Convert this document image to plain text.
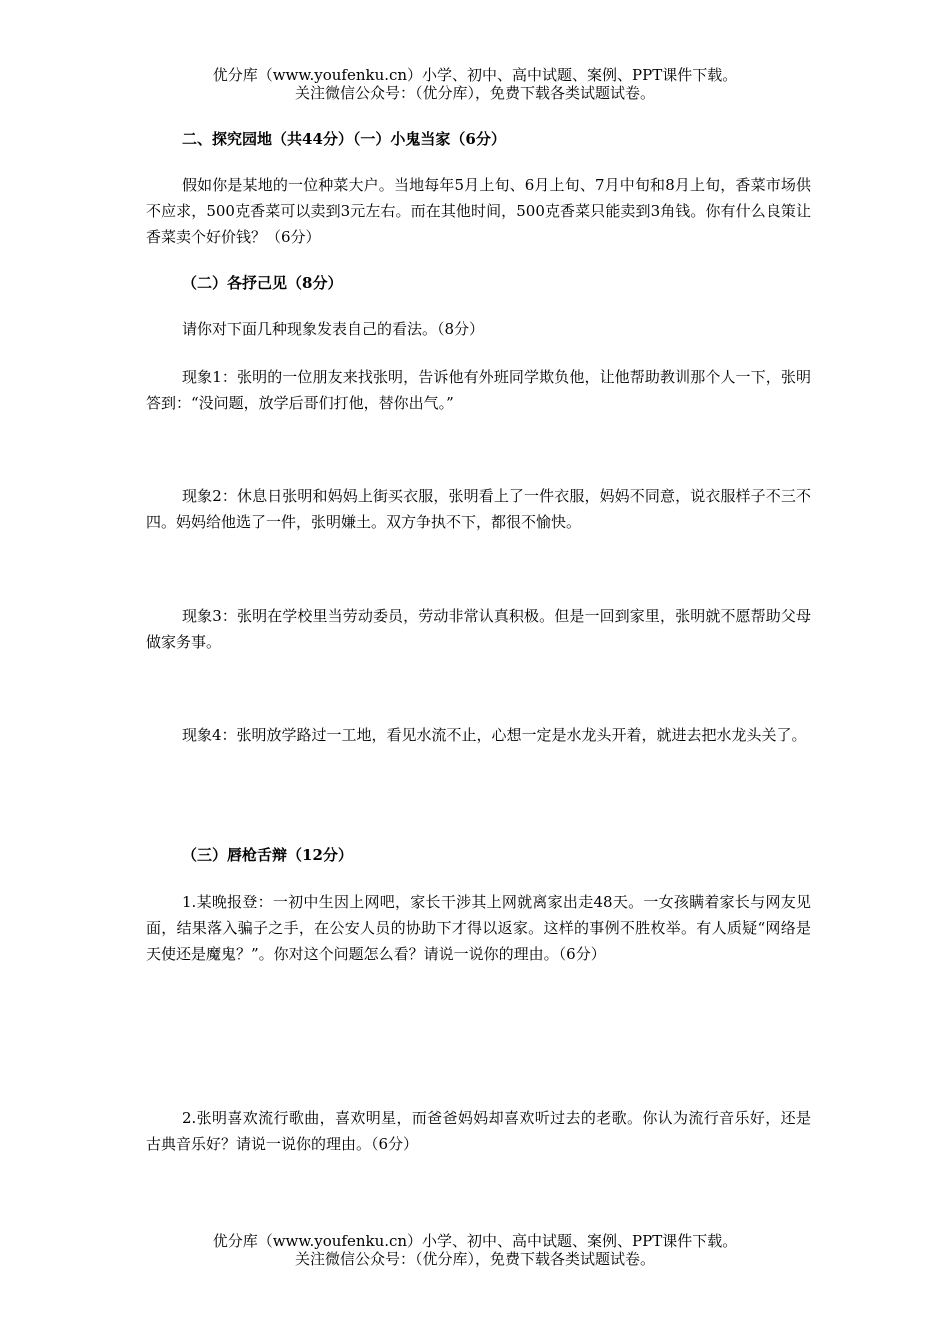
优分库（www.youfenku.cn）小学、初中、高中试题、案例、PPT课件下载。
关注微信公众号：（优分库），免费下载各类试题试卷。

二、探究园地（共44分）（一）小鬼当家（6分）

假如你是某地的一位种菜大户。当地每年5月上旬、6月上旬、7月中旬和8月上旬，香菜市场供不应求，500克香菜可以卖到3元左右。而在其他时间，500克香菜只能卖到3角钱。你有什么良策让香菜卖个好价钱？（6分）

（二）各抒己见（8分）

请你对下面几种现象发表自己的看法。（8分）

现象1：张明的一位朋友来找张明，告诉他有外班同学欺负他，让他帮助教训那个人一下，张明答到：“没问题，放学后哥们打他，替你出气。”

现象2：休息日张明和妈妈上街买衣服，张明看上了一件衣服，妈妈不同意，说衣服样子不三不四。妈妈给他选了一件，张明嫌土。双方争执不下，都很不愉快。

现象3：张明在学校里当劳动委员，劳动非常认真积极。但是一回到家里，张明就不愿帮助父母做家务事。

现象4：张明放学路过一工地，看见水流不止，心想一定是水龙头开着，就进去把水龙头关了。

（三）唇枪舌辩（12分）

1.某晚报登：一初中生因上网吧，家长干涉其上网就离家出走48天。一女孩瞒着家长与网友见面，结果落入骗子之手，在公安人员的协助下才得以返家。这样的事例不胜枚举。有人质疑“网络是天使还是魔鬼？”。你对这个问题怎么看？请说一说你的理由。（6分）

2.张明喜欢流行歌曲，喜欢明星，而爸爸妈妈却喜欢听过去的老歌。你认为流行音乐好，还是古典音乐好？请说一说你的理由。（6分）

优分库（www.youfenku.cn）小学、初中、高中试题、案例、PPT课件下载。
关注微信公众号：（优分库），免费下载各类试题试卷。
